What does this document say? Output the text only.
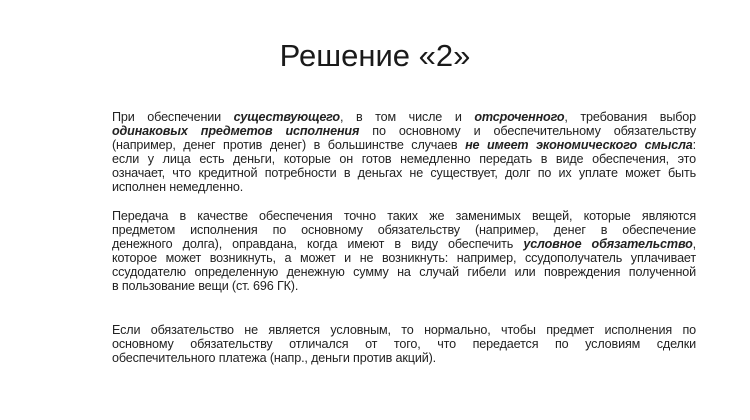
Решение «2»
При обеспечении существующего, в том числе и отсроченного, требования выбор
одинаковых предметов исполнения по основному и обеспечительному обязательству
(например, денег против денег) в большинстве случаев не имеет экономического смысла:
если у лица есть деньги, которые он готов немедленно передать в виде обеспечения, это
означает, что кредитной потребности в деньгах не существует, долг по их уплате может быть
исполнен немедленно.
Передача в качестве обеспечения точно таких же заменимых вещей, которые являются
предметом исполнения по основному обязательству (например, денег в обеспечение
денежного долга), оправдана, когда имеют в виду обеспечить условное обязательство,
которое может возникнуть, а может и не возникнуть: например, ссудополучатель уплачивает
ссудодателю определенную денежную сумму на случай гибели или повреждения полученной
в пользование вещи (ст. 696 ГК).
Если обязательство не является условным, то нормально, чтобы предмет исполнения по
основному обязательству отличался от того, что передается по условиям сделки
обеспечительного платежа (напр., деньги против акций).
